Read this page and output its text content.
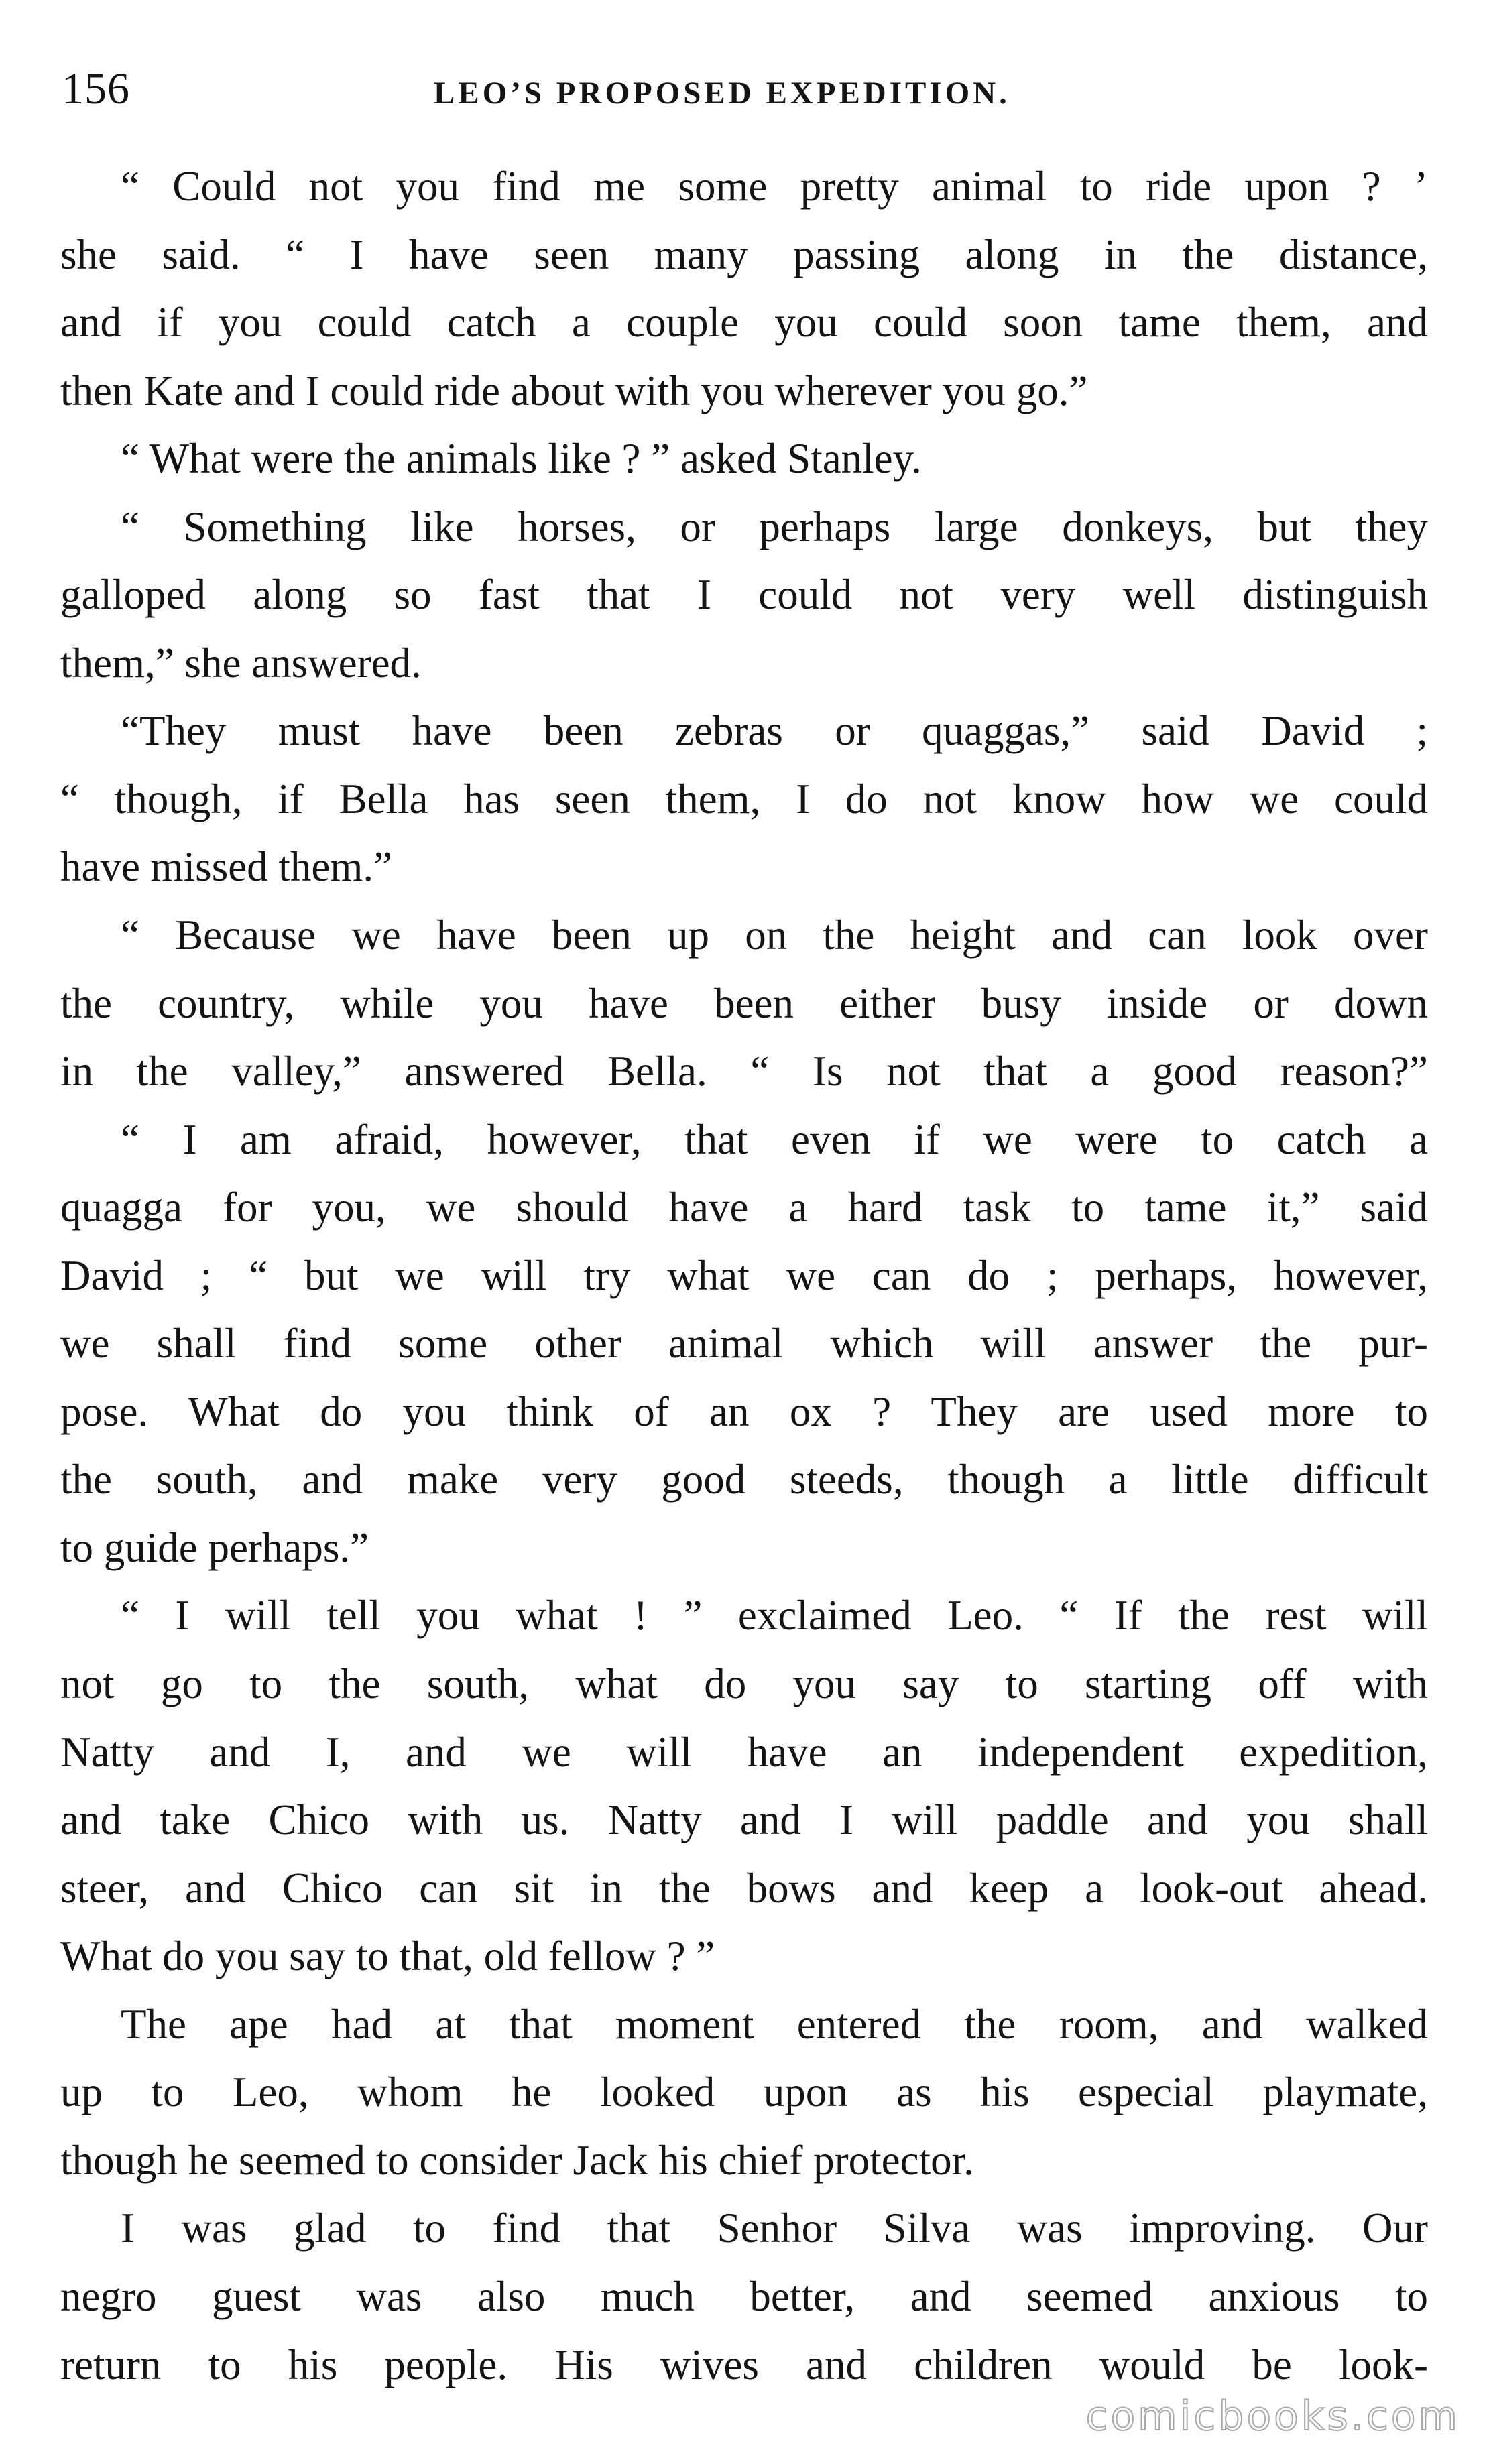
156	LEO’S PROPOSED EXPEDITION.
“ Could not you find me some pretty animal to ride upon ? ’
she said. “ I have seen many passing along in the distance,
and if you could catch a couple you could soon tame them, and
then Kate and I could ride about with you wherever you go.”
“ What were the animals like ? ” asked Stanley.
“ Something like horses, or perhaps large donkeys, but they
galloped along so fast that I could not very well distinguish
them,” she answered.
“They must have been zebras or quaggas,” said David ;
“ though, if Bella has seen them, I do not know how we could
have missed them.”
“ Because we have been up on the height and can look over
the country, while you have been either busy inside or down
in the valley,” answered Bella. “ Is not that a good reason?”
“ I am afraid, however, that even if we were to catch a
quagga for you, we should have a hard task to tame it,” said
David ; “ but we will try what we can do ; perhaps, however,
we shall find some other animal which will answer the pur-
pose. What do you think of an ox ? They are used more to
the south, and make very good steeds, though a little difficult
to guide perhaps.”
“ I will tell you what ! ” exclaimed Leo. “ If the rest will
not go to the south, what do you say to starting off with
Natty and I, and we will have an independent expedition,
and take Chico with us. Natty and I will paddle and you shall
steer, and Chico can sit in the bows and keep a look-out ahead.
What do you say to that, old fellow ? ”
The ape had at that moment entered the room, and walked
up to Leo, whom he looked upon as his especial playmate,
though he seemed to consider Jack his chief protector.
I was glad to find that Senhor Silva was improving. Our
negro guest was also much better, and seemed anxious to
return to his people. His wives and children would be look-
comicbooks.com
